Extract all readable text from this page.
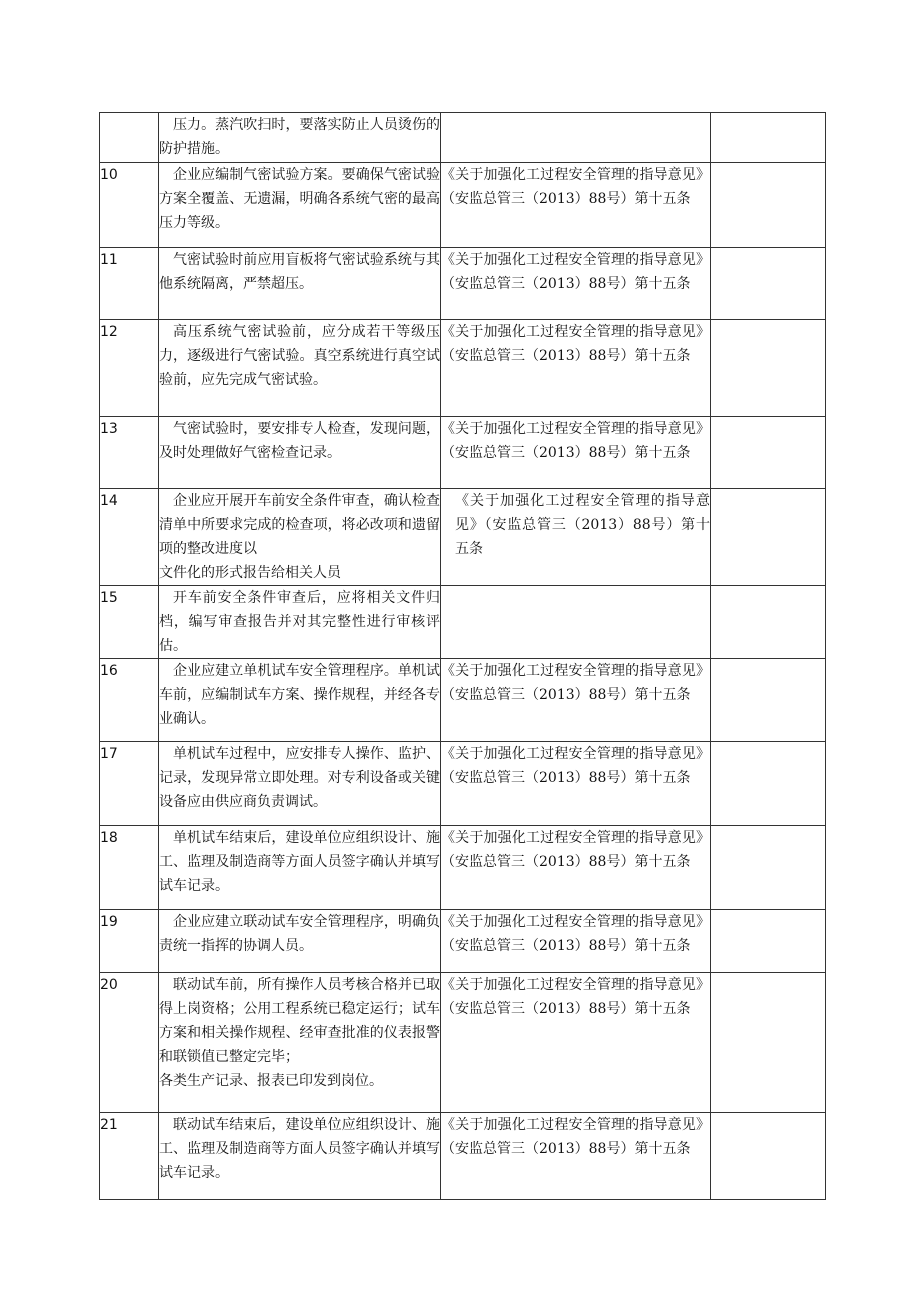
	压力。蒸汽吹扫时，要落实防止人员烫伤的防护措施。		

10	企业应编制气密试验方案。要确保气密试验方案全覆盖、无遗漏，明确各系统气密的最高压力等级。	《关于加强化工过程安全管理的指导意见》（安监总管三（2013）88号）第十五条	

11	气密试验时前应用盲板将气密试验系统与其他系统隔离，严禁超压。	《关于加强化工过程安全管理的指导意见》（安监总管三（2013）88号）第十五条	

12	高压系统气密试验前，应分成若干等级压力，逐级进行气密试验。真空系统进行真空试验前，应先完成气密试验。	《关于加强化工过程安全管理的指导意见》（安监总管三（2013）88号）第十五条	

13	气密试验时，要安排专人检查，发现问题，及时处理做好气密检查记录。	《关于加强化工过程安全管理的指导意见》（安监总管三（2013）88号）第十五条	

14	企业应开展开车前安全条件审查，确认检查清单中所要求完成的检查项，将必改项和遗留项的整改进度以

文件化的形式报告给相关人员	《关于加强化工过程安全管理的指导意见》（安监总管三（2013）88号）第十五条	

15	开车前安全条件审查后，应将相关文件归档，编写审查报告并对其完整性进行审核评估。		

16	企业应建立单机试车安全管理程序。单机试车前，应编制试车方案、操作规程，并经各专业确认。	《关于加强化工过程安全管理的指导意见》（安监总管三（2013）88号）第十五条	

17	单机试车过程中，应安排专人操作、监护、记录，发现异常立即处理。对专利设备或关键设备应由供应商负责调试。	《关于加强化工过程安全管理的指导意见》（安监总管三（2013）88号）第十五条	

18	单机试车结束后，建设单位应组织设计、施工、监理及制造商等方面人员签字确认并填写试车记录。	《关于加强化工过程安全管理的指导意见》（安监总管三（2013）88号）第十五条	

19	企业应建立联动试车安全管理程序，明确负责统一指挥的协调人员。	《关于加强化工过程安全管理的指导意见》（安监总管三（2013）88号）第十五条	

20	联动试车前，所有操作人员考核合格并已取得上岗资格；公用工程系统已稳定运行；试车方案和相关操作规程、经审查批准的仪表报警和联锁值已整定完毕；

各类生产记录、报表已印发到岗位。	《关于加强化工过程安全管理的指导意见》（安监总管三（2013）88号）第十五条	

21	联动试车结束后，建设单位应组织设计、施工、监理及制造商等方面人员签字确认并填写试车记录。	《关于加强化工过程安全管理的指导意见》（安监总管三（2013）88号）第十五条	
